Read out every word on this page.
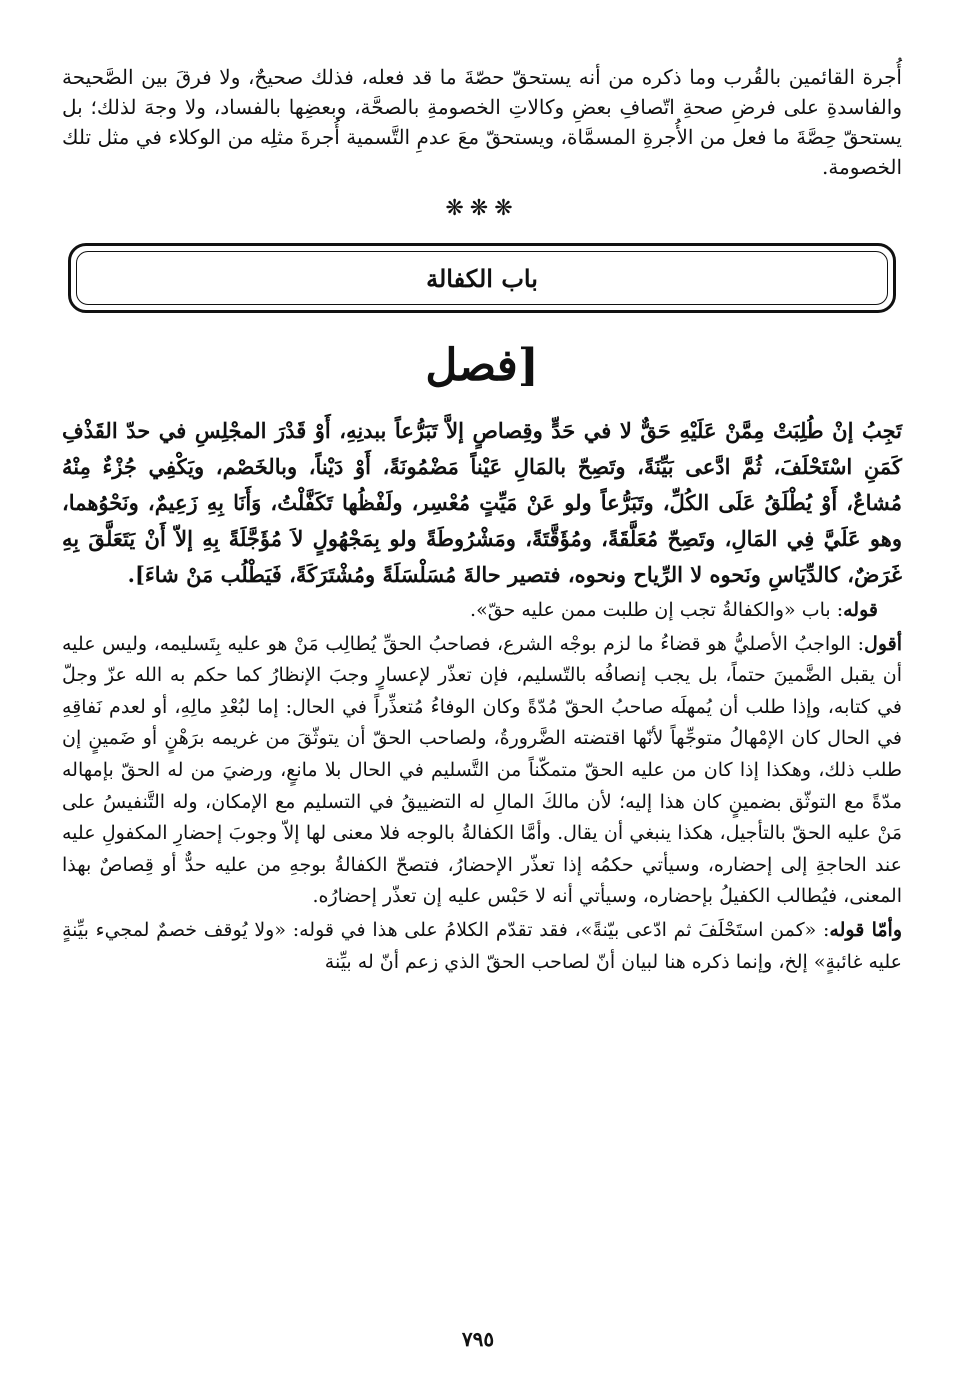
أُجرة القائمين بالقُرب وما ذكره من أنه يستحقّ حصّةَ ما قد فعله، فذلك صحيحٌ، ولا فرقَ بين الصَّحيحة والفاسدةِ على فرضِ صحةِ اتّصافِ بعضِ وكالاتِ الخصومةِ بالصحَّة، وبعضِها بالفساد، ولا وجهَ لذلك؛ بل يستحقّ حِصَّةَ ما فعل من الأُجرةِ المسمَّاة، ويستحقّ معَ عدمِ التَّسمية أُجرةَ مثلِه من الوكلاء في مثل تلك الخصومة.

❋❋❋
باب الكفالة
[فصل

تَجِبُ إنْ طُلِبَتْ مِمَّنْ عَلَيْهِ حَقٌّ لا في حَدٍّ وقِصاصٍ إلاَّ تَبَرُّعاً ببدنِهِ، أَوْ قَدْرَ المجْلِسِ في حدّ القَذْفِ كَمَنِ اسْتَحْلَفَ، ثُمَّ ادَّعى بَيِّنَةً، وتَصِحّ بالمَالِ عَيْناً مَضْمُونَةً، أَوْ دَيْناً، وبالخَصْم، ويَكْفِي جُزْءٌ مِنْهُ مُشاعٌ، أَوْ يُطْلَقُ عَلَى الكُلِّ، وتَبَرُّعاً ولو عَنْ مَيِّتٍ مُعْسِر، ولَفْظُها تَكَفَّلْتُ، وَأَنَا بِهِ زَعِيمٌ، ونَحْوُهما، وهو عَلَيَّ فِي المَالِ، وتَصِحّ مُعَلَّقَةً، ومُؤَقَّتَةً، ومَشْرُوطَةً ولو بِمَجْهُولٍ لاَ مُؤَجَّلَةً بِهِ إلاّ أَنْ يَتَعَلَّقَ بِهِ غَرَضٌ، كالدِّيَاسِ ونَحوه لا الرِّياح ونحوه، فتصير حالةَ مُسَلْسَلَةً ومُشْتَرَكَةً، فَيَطْلُب مَنْ شاءَ].

قوله: باب «والكفالةُ تجب إن طلبت ممن عليه حقّ».

أقول: الواجبُ الأصليُّ هو قضاءُ ما لزم بوجْه الشرع، فصاحبُ الحقِّ يُطالِب مَنْ هو عليه بِتَسليمه، وليس عليه أن يقبل الضَّمينَ حتماً، بل يجب إنصافُه بالتّسليم، فإن تعذّر لإعسارٍ وجبَ الإنظارُ كما حكم به الله عزّ وجلّ في كتابه، وإذا طلب أن يُمهلَه صاحبُ الحقّ مُدّةً وكان الوفاءُ مُتعذِّراً في الحال: إما لبُعْدِ مالِهِ، أو لعدم نَفاقِهِ في الحال كان الإمْهالُ متوجِّهاً لأنّها اقتضته الضَّرورةُ، ولصاحب الحقّ أن يتوثّقَ من غريمه برَهْنٍ أو ضَمينٍ إن طلب ذلك، وهكذا إذا كان من عليه الحقّ متمكّناً من التَّسليم في الحال بلا مانعٍ، ورضيَ من له الحقّ بإمهاله مدّةً مع التوثّق بضمينٍ كان هذا إليه؛ لأن مالكَ المالِ له التضييقُ في التسليم مع الإمكان، وله التَّنفيسُ على مَنْ عليه الحقّ بالتأجيل، هكذا ينبغي أن يقال. وأمَّا الكفالةُ بالوجه فلا معنى لها إلاّ وجوبَ إحضارِ المكفولِ عليه عند الحاجةِ إلى إحضاره، وسيأتي حكمُه إذا تعذّر الإحضارُ، فتصحّ الكفالةُ بوجهِ من عليه حدٌّ أو قِصاصٌ بهذا المعنى، فيُطالب الكفيلُ بإحضاره، وسيأتي أنه لا حَبْس عليه إن تعذّر إحضارُه.

وأمّا قوله: «كمن استَحْلَفَ ثم ادّعى بيّنةً»، فقد تقدّم الكلامُ على هذا في قوله: «ولا يُوقف خصمٌ لمجيء بيِّنةٍ عليه غائبةٍ» إلخ، وإنما ذكره هنا لبيان أنّ لصاحب الحقّ الذي زعم أنّ له بيِّنة

٧٩٥
